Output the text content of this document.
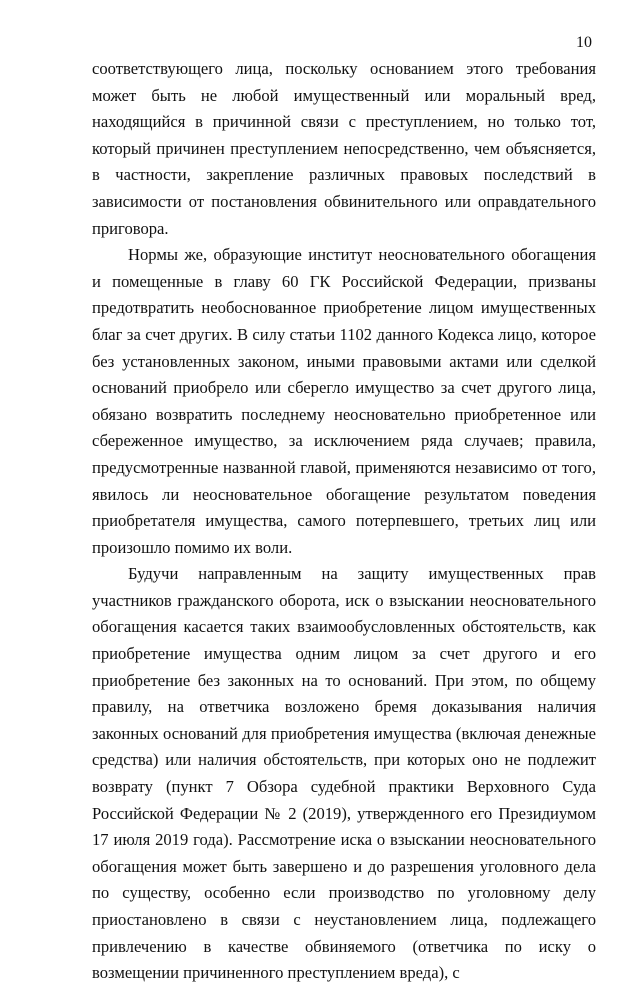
10

соответствующего лица, поскольку основанием этого требования может быть не любой имущественный или моральный вред, находящийся в причинной связи с преступлением, но только тот, который причинен преступлением непосредственно, чем объясняется, в частности, закрепление различных правовых последствий в зависимости от постановления обвинительного или оправдательного приговора.

Нормы же, образующие институт неосновательного обогащения и помещенные в главу 60 ГК Российской Федерации, призваны предотвратить необоснованное приобретение лицом имущественных благ за счет других. В силу статьи 1102 данного Кодекса лицо, которое без установленных законом, иными правовыми актами или сделкой оснований приобрело или сберегло имущество за счет другого лица, обязано возвратить последнему неосновательно приобретенное или сбереженное имущество, за исключением ряда случаев; правила, предусмотренные названной главой, применяются независимо от того, явилось ли неосновательное обогащение результатом поведения приобретателя имущества, самого потерпевшего, третьих лиц или произошло помимо их воли.

Будучи направленным на защиту имущественных прав участников гражданского оборота, иск о взыскании неосновательного обогащения касается таких взаимообусловленных обстоятельств, как приобретение имущества одним лицом за счет другого и его приобретение без законных на то оснований. При этом, по общему правилу, на ответчика возложено бремя доказывания наличия законных оснований для приобретения имущества (включая денежные средства) или наличия обстоятельств, при которых оно не подлежит возврату (пункт 7 Обзора судебной практики Верховного Суда Российской Федерации № 2 (2019), утвержденного его Президиумом 17 июля 2019 года). Рассмотрение иска о взыскании неосновательного обогащения может быть завершено и до разрешения уголовного дела по существу, особенно если производство по уголовному делу приостановлено в связи с неустановлением лица, подлежащего привлечению в качестве обвиняемого (ответчика по иску о возмещении причиненного преступлением вреда), с
